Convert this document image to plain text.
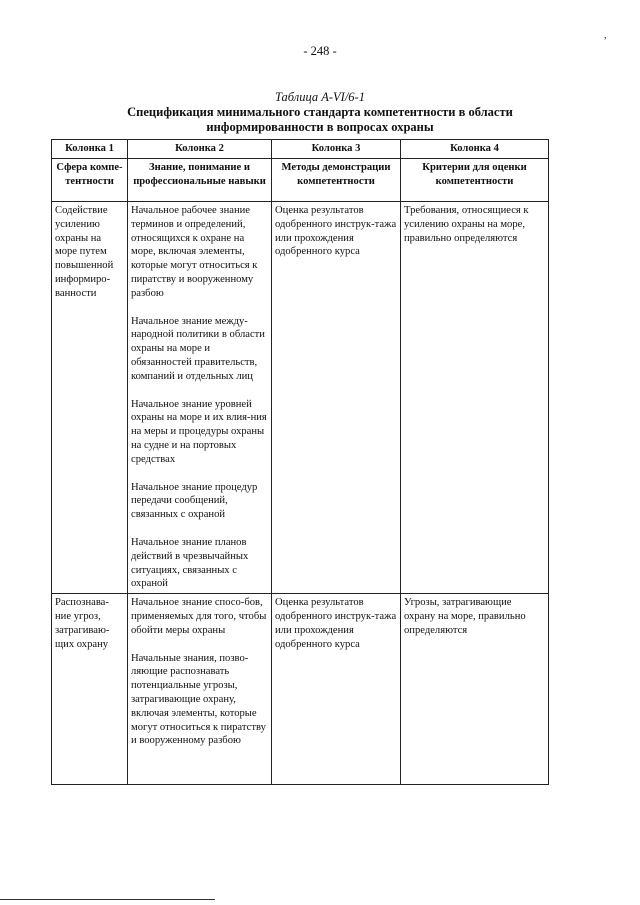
- 248 -
,
Таблица A-VI/6-1
Спецификация минимального стандарта компетентности в области
информированности в вопросах охраны
Колонка 1	Колонка 2	Колонка 3	Колонка 4
Сфера компе-тентности	Знание, понимание и профессиональные навыки	Методы демонстрации компетентности	Критерии для оценки компетентности
Содействие усилению охраны на море путем повышенной информиро-ванности	Начальное рабочее знание терминов и определений, относящихся к охране на море, включая элементы, которые могут относиться к пиратству и вооруженному разбою
Начальное знание между-народной политики в области охраны на море и обязанностей правительств, компаний и отдельных лиц
Начальное знание уровней охраны на море и их влия-ния на меры и процедуры охраны на судне и на портовых средствах
Начальное знание процедур передачи сообщений, связанных с охраной
Начальное знание планов действий в чрезвычайных ситуациях, связанных с охраной	Оценка результатов одобренного инструк-тажа или прохождения одобренного курса	Требования, относящиеся к усилению охраны на море, правильно определяются
Распознава-ние угроз, затрагиваю-щих охрану	Начальное знание спосо-бов, применяемых для того, чтобы обойти меры охраны
Начальные знания, позво-ляющие распознавать потенциальные угрозы, затрагивающие охрану, включая элементы, которые могут относиться к пиратству и вооруженному разбою	Оценка результатов одобренного инструк-тажа или прохождения одобренного курса	Угрозы, затрагивающие охрану на море, правильно определяются
